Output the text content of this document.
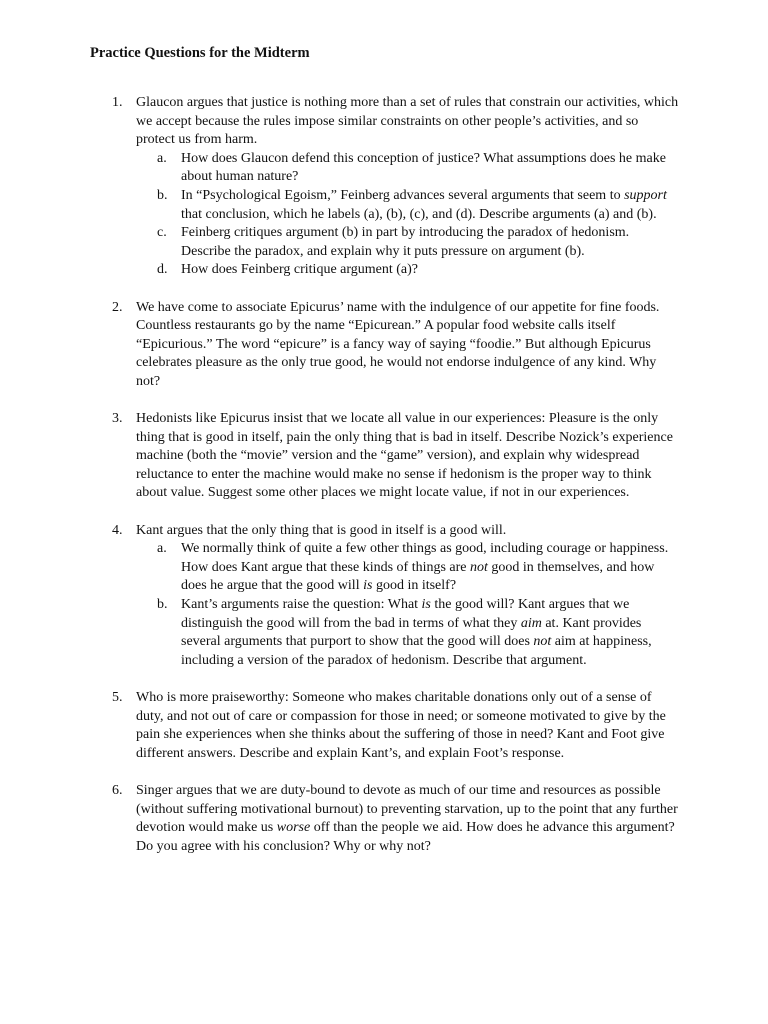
Practice Questions for the Midterm
1. Glaucon argues that justice is nothing more than a set of rules that constrain our activities, which we accept because the rules impose similar constraints on other people’s activities, and so protect us from harm.
a. How does Glaucon defend this conception of justice? What assumptions does he make about human nature?
b. In “Psychological Egoism,” Feinberg advances several arguments that seem to support that conclusion, which he labels (a), (b), (c), and (d). Describe arguments (a) and (b).
c. Feinberg critiques argument (b) in part by introducing the paradox of hedonism. Describe the paradox, and explain why it puts pressure on argument (b).
d. How does Feinberg critique argument (a)?
2. We have come to associate Epicurus’ name with the indulgence of our appetite for fine foods. Countless restaurants go by the name “Epicurean.” A popular food website calls itself “Epicurious.” The word “epicure” is a fancy way of saying “foodie.” But although Epicurus celebrates pleasure as the only true good, he would not endorse indulgence of any kind. Why not?
3. Hedonists like Epicurus insist that we locate all value in our experiences: Pleasure is the only thing that is good in itself, pain the only thing that is bad in itself. Describe Nozick’s experience machine (both the “movie” version and the “game” version), and explain why widespread reluctance to enter the machine would make no sense if hedonism is the proper way to think about value. Suggest some other places we might locate value, if not in our experiences.
4. Kant argues that the only thing that is good in itself is a good will.
a. We normally think of quite a few other things as good, including courage or happiness. How does Kant argue that these kinds of things are not good in themselves, and how does he argue that the good will is good in itself?
b. Kant’s arguments raise the question: What is the good will? Kant argues that we distinguish the good will from the bad in terms of what they aim at. Kant provides several arguments that purport to show that the good will does not aim at happiness, including a version of the paradox of hedonism. Describe that argument.
5. Who is more praiseworthy: Someone who makes charitable donations only out of a sense of duty, and not out of care or compassion for those in need; or someone motivated to give by the pain she experiences when she thinks about the suffering of those in need? Kant and Foot give different answers. Describe and explain Kant’s, and explain Foot’s response.
6. Singer argues that we are duty-bound to devote as much of our time and resources as possible (without suffering motivational burnout) to preventing starvation, up to the point that any further devotion would make us worse off than the people we aid. How does he advance this argument? Do you agree with his conclusion? Why or why not?
